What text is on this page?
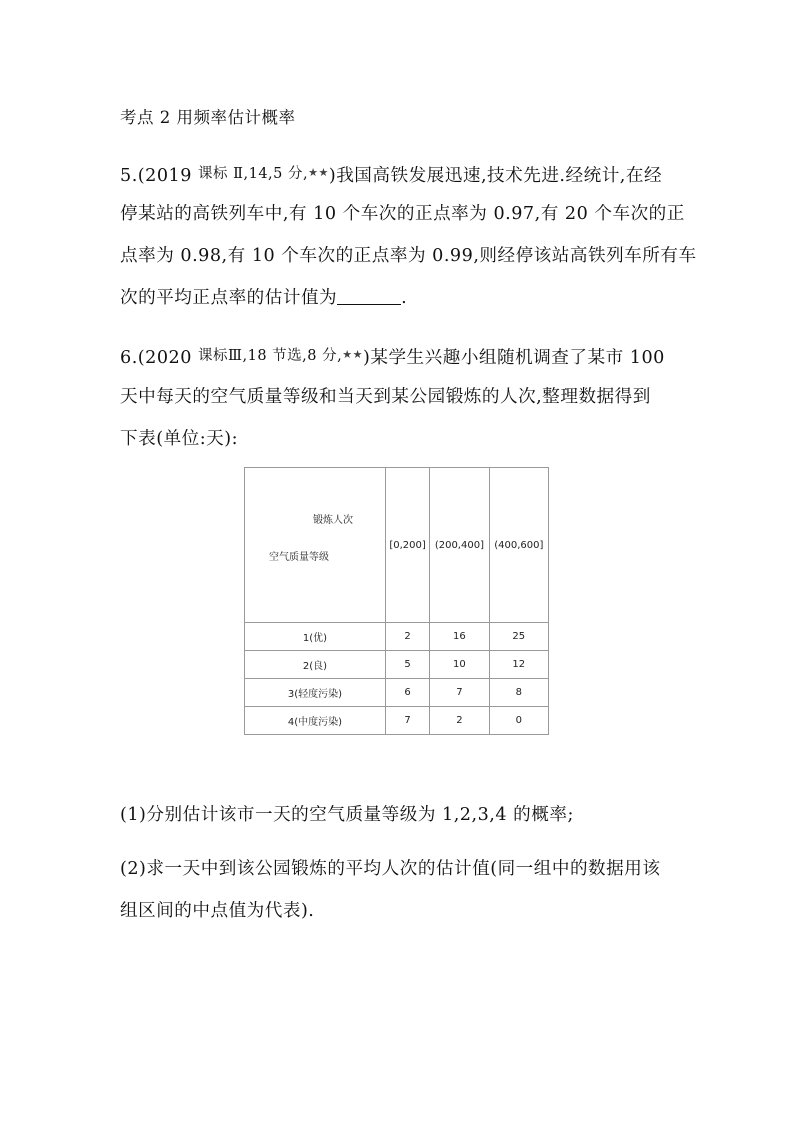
考点 2 用频率估计概率
5.(2019 课标 Ⅱ,14,5 分,★★)我国高铁发展迅速,技术先进.经统计,在经
停某站的高铁列车中,有 10 个车次的正点率为 0.97,有 20 个车次的正
点率为 0.98,有 10 个车次的正点率为 0.99,则经停该站高铁列车所有车
次的平均正点率的估计值为	.
6.(2020 课标Ⅲ,18 节选,8 分,★★)某学生兴趣小组随机调查了某市 100
天中每天的空气质量等级和当天到某公园锻炼的人次,整理数据得到
下表(单位:天):
锻炼人次
空气质量等级	[0,200]	(200,400]	(400,600]
1(优)	2	16	25
2(良)	5	10	12
3(轻度污染)	6	7	8
4(中度污染)	7	2	0
(1)分别估计该市一天的空气质量等级为 1,2,3,4 的概率;
(2)求一天中到该公园锻炼的平均人次的估计值(同一组中的数据用该
组区间的中点值为代表).
